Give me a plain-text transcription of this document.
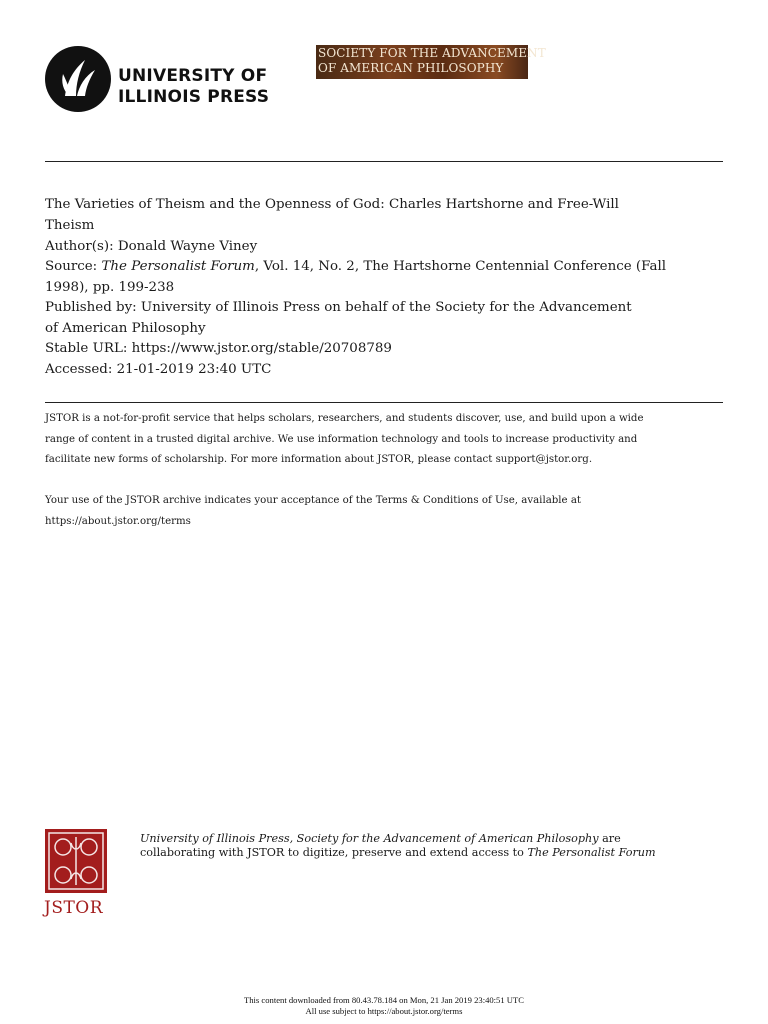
UNIVERSITY OF
ILLINOIS PRESS
SOCIETY FOR THE ADVANCEMENT
OF AMERICAN PHILOSOPHY
The Varieties of Theism and the Openness of God: Charles Hartshorne and Free-Will
Theism
Author(s): Donald Wayne Viney
Source: The Personalist Forum, Vol. 14, No. 2, The Hartshorne Centennial Conference (Fall
1998), pp. 199-238
Published by: University of Illinois Press on behalf of the Society for the Advancement
of American Philosophy
Stable URL: https://www.jstor.org/stable/20708789
Accessed: 21-01-2019 23:40 UTC
JSTOR is a not-for-profit service that helps scholars, researchers, and students discover, use, and build upon a wide
range of content in a trusted digital archive. We use information technology and tools to increase productivity and
facilitate new forms of scholarship. For more information about JSTOR, please contact support@jstor.org.
Your use of the JSTOR archive indicates your acceptance of the Terms & Conditions of Use, available at
https://about.jstor.org/terms
JSTOR
University of Illinois Press, Society for the Advancement of American Philosophy are
collaborating with JSTOR to digitize, preserve and extend access to The Personalist Forum
This content downloaded from 80.43.78.184 on Mon, 21 Jan 2019 23:40:51 UTC
All use subject to https://about.jstor.org/terms
